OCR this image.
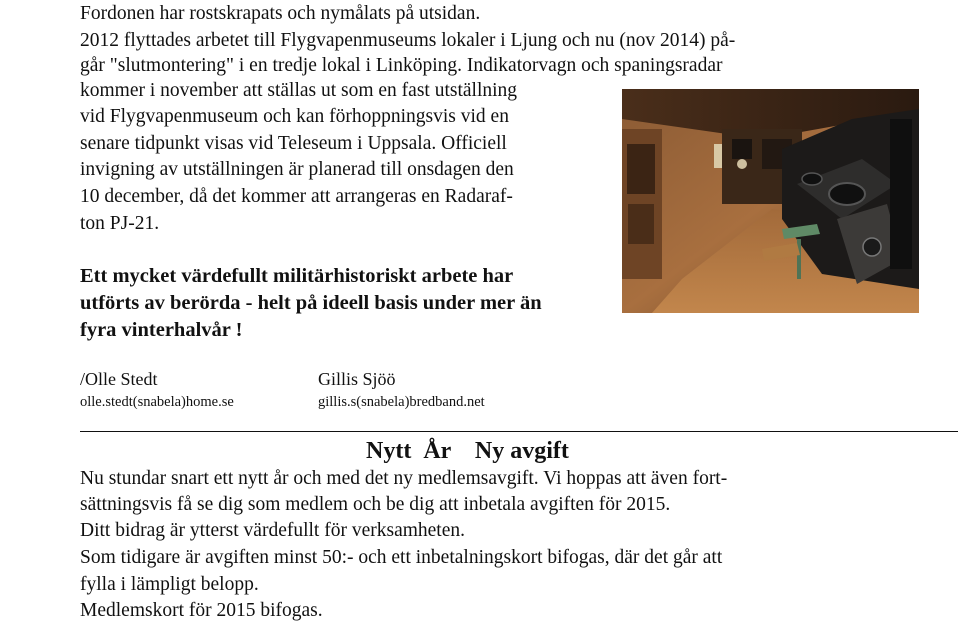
Fordonen har rostskrapats och nymålats på utsidan.
2012 flyttades arbetet till Flygvapenmuseums lokaler i Ljung och nu (nov 2014) på-
går "slutmontering" i en tredje lokal i Linköping. Indikatorvagn och spaningsradar
kommer i november att ställas ut som en fast utställning
vid Flygvapenmuseum och kan förhoppningsvis vid en
senare tidpunkt visas vid Teleseum i Uppsala. Officiell
invigning av utställningen är planerad till onsdagen den
10 december, då det kommer att arrangeras en Radaraf-
ton PJ-21.
Ett mycket värdefullt militärhistoriskt arbete har
utförts av berörda - helt på ideell basis under mer än
fyra vinterhalvår !
/Olle Stedt
olle.stedt(snabela)home.se
Gillis Sjöö
gillis.s(snabela)bredband.net
Nytt  År    Ny avgift
Nu stundar snart ett nytt år och med det ny medlemsavgift. Vi hoppas att även fort-
sättningsvis få se dig som medlem och be dig att inbetala avgiften för 2015.
Ditt bidrag är ytterst värdefullt för verksamheten.
Som tidigare är avgiften minst 50:- och ett inbetalningskort bifogas, där det går att
fylla i lämpligt belopp.
Medlemskort för 2015 bifogas.
